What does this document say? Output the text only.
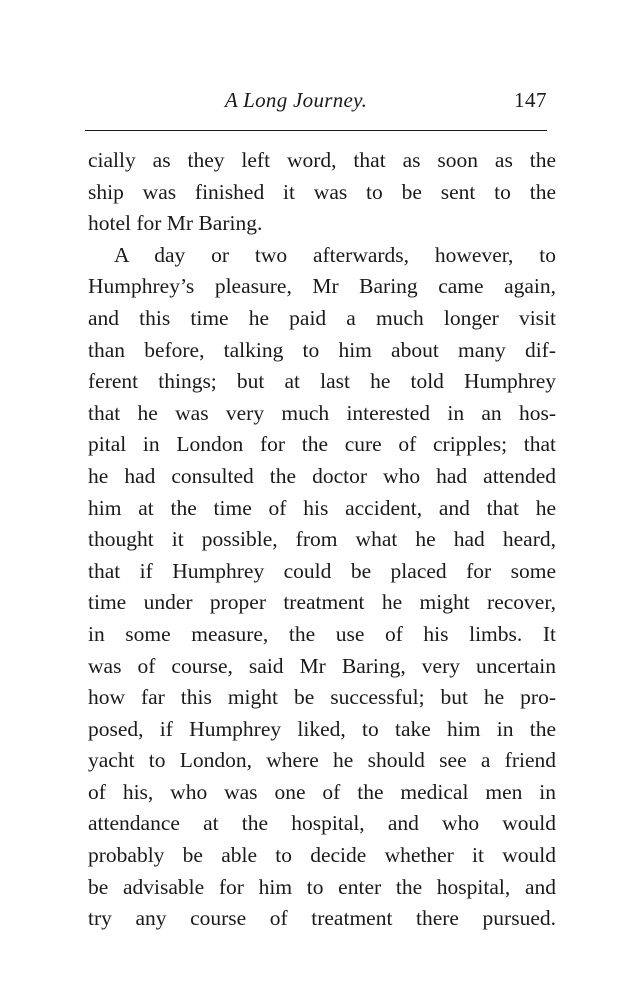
A Long Journey.	147
cially as they left word, that as soon as the
ship was finished it was to be sent to the
hotel for Mr Baring.
A day or two afterwards, however, to
Humphrey’s pleasure, Mr Baring came again,
and this time he paid a much longer visit
than before, talking to him about many dif-
ferent things; but at last he told Humphrey
that he was very much interested in an hos-
pital in London for the cure of cripples; that
he had consulted the doctor who had attended
him at the time of his accident, and that he
thought it possible, from what he had heard,
that if Humphrey could be placed for some
time under proper treatment he might recover,
in some measure, the use of his limbs. It
was of course, said Mr Baring, very uncertain
how far this might be successful; but he pro-
posed, if Humphrey liked, to take him in the
yacht to London, where he should see a friend
of his, who was one of the medical men in
attendance at the hospital, and who would
probably be able to decide whether it would
be advisable for him to enter the hospital, and
try any course of treatment there pursued.
